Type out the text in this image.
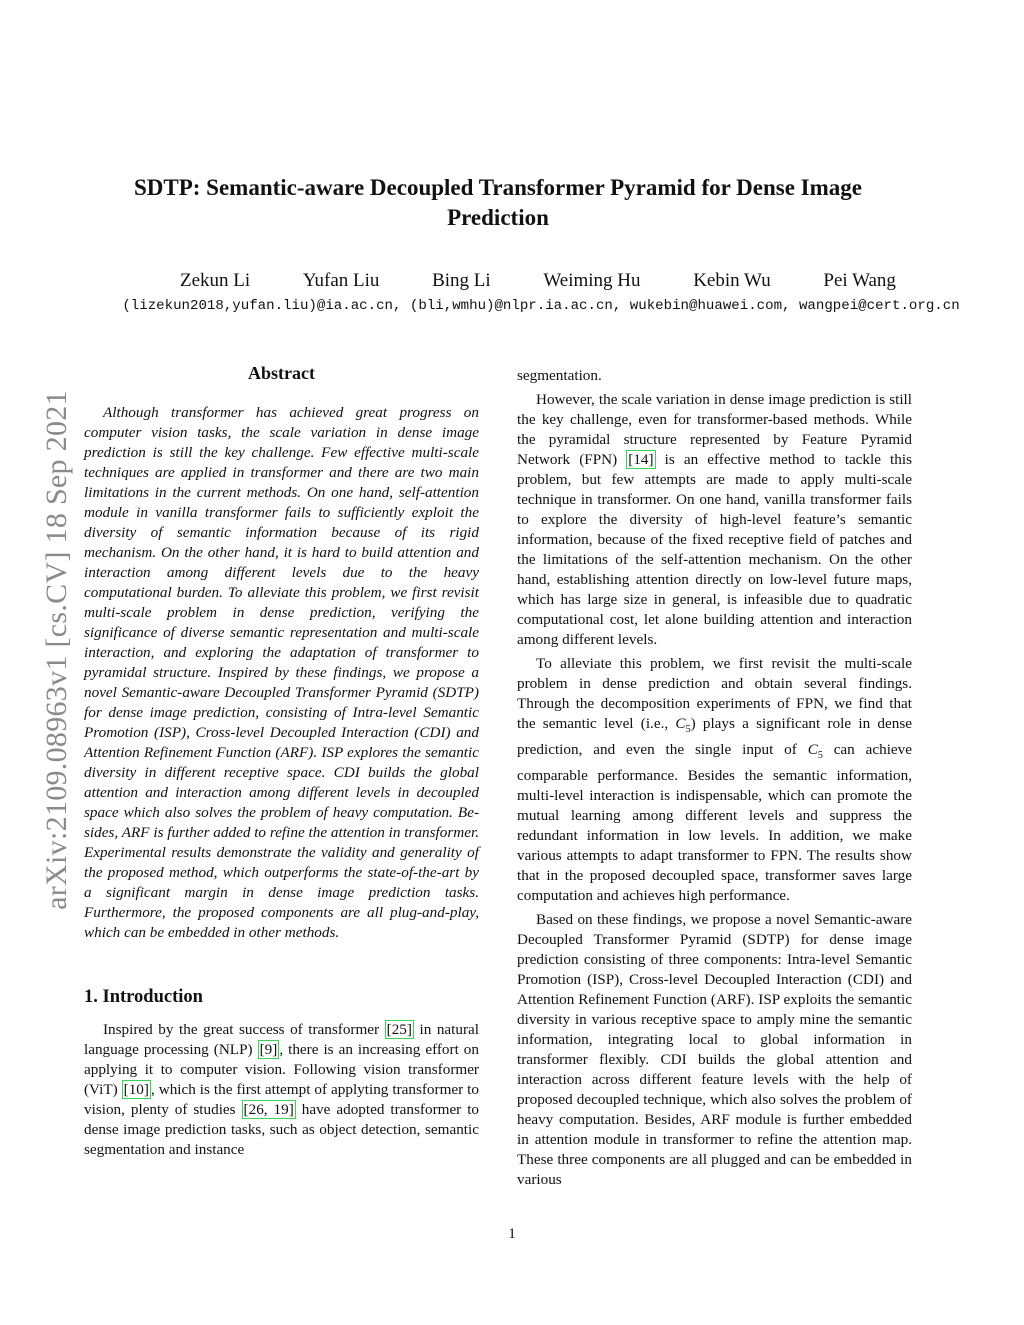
arXiv:2109.08963v1 [cs.CV] 18 Sep 2021
SDTP: Semantic-aware Decoupled Transformer Pyramid for Dense Image Prediction
Zekun Li	Yufan Liu	Bing Li	Weiming Hu	Kebin Wu	Pei Wang
(lizekun2018,yufan.liu)@ia.ac.cn, (bli,wmhu)@nlpr.ia.ac.cn, wukebin@huawei.com, wangpei@cert.org.cn
Abstract

Although transformer has achieved great progress on computer vision tasks, the scale variation in dense image prediction is still the key challenge. Few effective multi-scale techniques are applied in transformer and there are two main limitations in the current methods. On one hand, self-attention module in vanilla transformer fails to sufficiently exploit the diversity of semantic information because of its rigid mechanism. On the other hand, it is hard to build attention and interaction among different levels due to the heavy computational burden. To alleviate this problem, we first revisit multi-scale problem in dense prediction, verifying the significance of diverse semantic representation and multi-scale interaction, and exploring the adaptation of transformer to pyramidal structure. Inspired by these findings, we propose a novel Semantic-aware Decoupled Transformer Pyramid (SDTP) for dense image prediction, consisting of Intra-level Semantic Promotion (ISP), Cross-level Decoupled Interaction (CDI) and Attention Refinement Function (ARF). ISP explores the semantic diversity in different receptive space. CDI builds the global attention and interaction among different levels in decoupled space which also solves the problem of heavy computation. Besides, ARF is further added to refine the attention in transformer. Experimental results demonstrate the validity and generality of the proposed method, which outperforms the state-of-the-art by a significant margin in dense image prediction tasks. Furthermore, the proposed components are all plug-and-play, which can be embedded in other methods.

1. Introduction

Inspired by the great success of transformer [25] in natural language processing (NLP) [9] , there is an increasing effort on applying it to computer vision. Following vision transformer (ViT) [10] , which is the first attempt of applyting transformer to vision, plenty of studies [26, 19] have adopted transformer to dense image prediction tasks, such as object detection, semantic segmentation and instance

segmentation.

However, the scale variation in dense image prediction is still the key challenge, even for transformer-based methods. While the pyramidal structure represented by Feature Pyramid Network (FPN) [14] is an effective method to tackle this problem, but few attempts are made to apply multi-scale technique in transformer. On one hand, vanilla transformer fails to explore the diversity of high-level feature’s semantic information, because of the fixed receptive field of patches and the limitations of the self-attention mechanism. On the other hand, establishing attention directly on low-level future maps, which has large size in general, is infeasible due to quadratic computational cost, let alone building attention and interaction among different levels.

To alleviate this problem, we first revisit the multi-scale problem in dense prediction and obtain several findings. Through the decomposition experiments of FPN, we find that the semantic level (i.e., $C_5$) plays a significant role in dense prediction, and even the single input of $C_5$ can achieve comparable performance. Besides the semantic information, multi-level interaction is indispensable, which can promote the mutual learning among different levels and suppress the redundant information in low levels. In addition, we make various attempts to adapt transformer to FPN. The results show that in the proposed decoupled space, transformer saves large computation and achieves high performance.

Based on these findings, we propose a novel Semantic-aware Decoupled Transformer Pyramid (SDTP) for dense image prediction consisting of three components: Intra-level Semantic Promotion (ISP), Cross-level Decoupled Interaction (CDI) and Attention Refinement Function (ARF). ISP exploits the semantic diversity in various receptive space to amply mine the semantic information, integrating local to global information in transformer flexibly. CDI builds the global attention and interaction across different feature levels with the help of proposed decoupled technique, which also solves the problem of heavy computation. Besides, ARF module is further embedded in attention module in transformer to refine the attention map. These three components are all plugged and can be embedded in various

1
